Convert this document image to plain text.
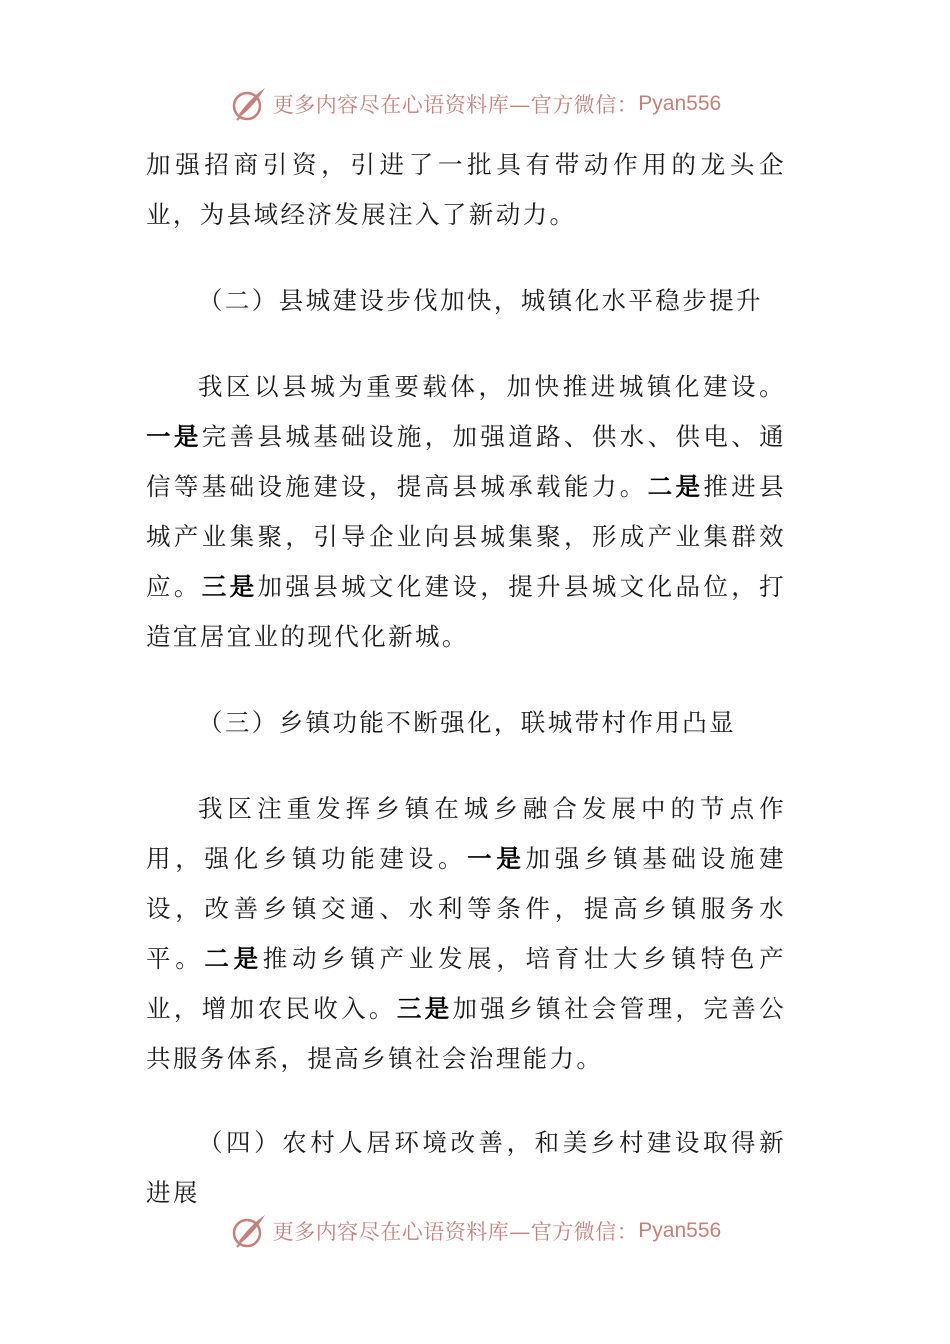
更多内容尽在心语资料库—官方微信： Pyan556

加强招商引资，引进了一批具有带动作用的龙头企业，为县域经济发展注入了新动力。

（二）县城建设步伐加快，城镇化水平稳步提升

我区以县城为重要载体，加快推进城镇化建设。一是完善县城基础设施，加强道路、供水、供电、通信等基础设施建设，提高县城承载能力。二是推进县城产业集聚，引导企业向县城集聚，形成产业集群效应。三是加强县城文化建设，提升县城文化品位，打造宜居宜业的现代化新城。

（三）乡镇功能不断强化，联城带村作用凸显

我区注重发挥乡镇在城乡融合发展中的节点作用，强化乡镇功能建设。一是加强乡镇基础设施建设，改善乡镇交通、水利等条件，提高乡镇服务水平。二是推动乡镇产业发展，培育壮大乡镇特色产业，增加农民收入。三是加强乡镇社会管理，完善公共服务体系，提高乡镇社会治理能力。

（四）农村人居环境改善，和美乡村建设取得新进展

更多内容尽在心语资料库—官方微信： Pyan556
